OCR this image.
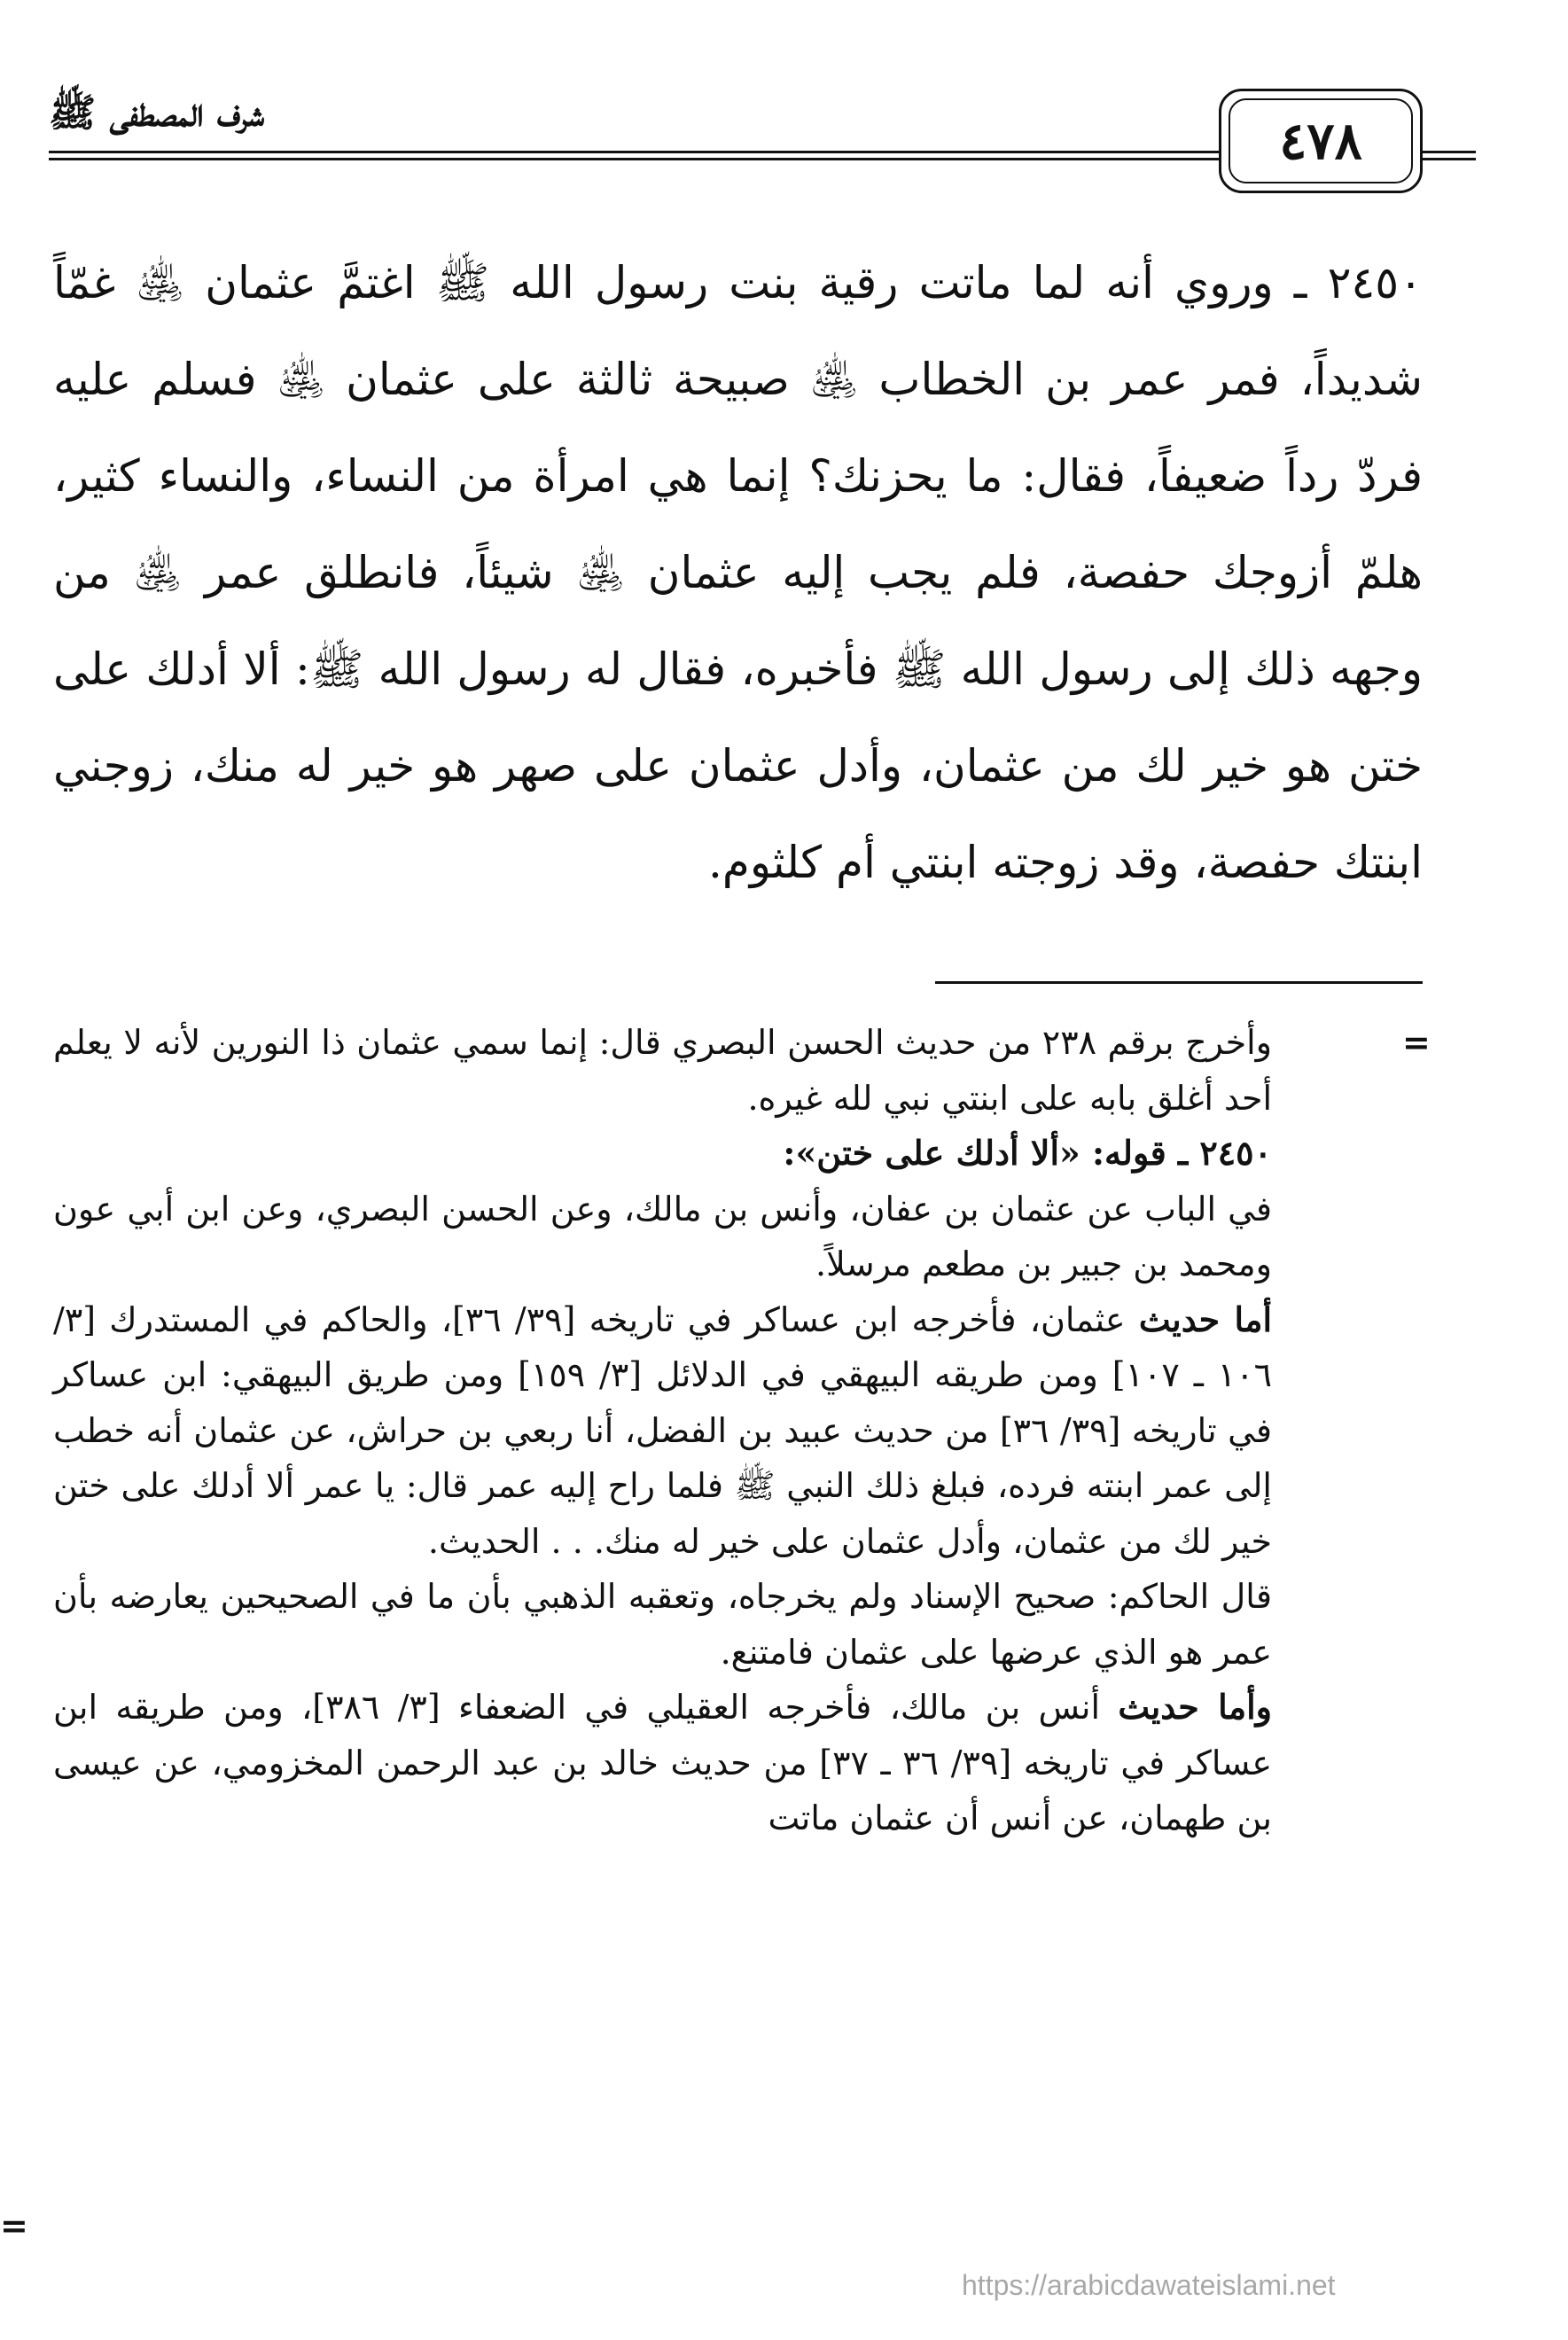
شرف المصطفى ﷺ	٤٧٨

٢٤٥٠ ـ وروي أنه لما ماتت رقية بنت رسول الله ﷺ اغتمَّ عثمان ﵁ غمّاً شديداً، فمر عمر بن الخطاب ﵁ صبيحة ثالثة على عثمان ﵁ فسلم عليه فردّ رداً ضعيفاً، فقال: ما يحزنك؟ إنما هي امرأة من النساء، والنساء كثير، هلمّ أزوجك حفصة، فلم يجب إليه عثمان ﵁ شيئاً، فانطلق عمر ﵁ من وجهه ذلك إلى رسول الله ﷺ فأخبره، فقال له رسول الله ﷺ: ألا أدلك على ختن هو خير لك من عثمان، وأدل عثمان على صهر هو خير له منك، زوجني ابنتك حفصة، وقد زوجته ابنتي أم كلثوم.

=

وأخرج برقم ٢٣٨ من حديث الحسن البصري قال: إنما سمي عثمان ذا النورين لأنه لا يعلم أحد أغلق بابه على ابنتي نبي لله غيره.

٢٤٥٠ ـ قوله: «ألا أدلك على ختن»:

في الباب عن عثمان بن عفان، وأنس بن مالك، وعن الحسن البصري، وعن ابن أبي عون ومحمد بن جبير بن مطعم مرسلاً.

أما حديث عثمان، فأخرجه ابن عساكر في تاريخه [٣٩/ ٣٦]، والحاكم في المستدرك [٣/ ١٠٦ ـ ١٠٧] ومن طريقه البيهقي في الدلائل [٣/ ١٥٩] ومن طريق البيهقي: ابن عساكر في تاريخه [٣٩/ ٣٦] من حديث عبيد بن الفضل، أنا ربعي بن حراش، عن عثمان أنه خطب إلى عمر ابنته فرده، فبلغ ذلك النبي ﷺ فلما راح إليه عمر قال: يا عمر ألا أدلك على ختن خير لك من عثمان، وأدل عثمان على خير له منك. . . الحديث.

قال الحاكم: صحيح الإسناد ولم يخرجاه، وتعقبه الذهبي بأن ما في الصحيحين يعارضه بأن عمر هو الذي عرضها على عثمان فامتنع.

وأما حديث أنس بن مالك، فأخرجه العقيلي في الضعفاء [٣/ ٣٨٦]، ومن طريقه ابن عساكر في تاريخه [٣٩/ ٣٦ ـ ٣٧] من حديث خالد بن عبد الرحمن المخزومي، عن عيسى بن طهمان، عن أنس أن عثمان ماتت

=
https://arabicdawateislami.net
